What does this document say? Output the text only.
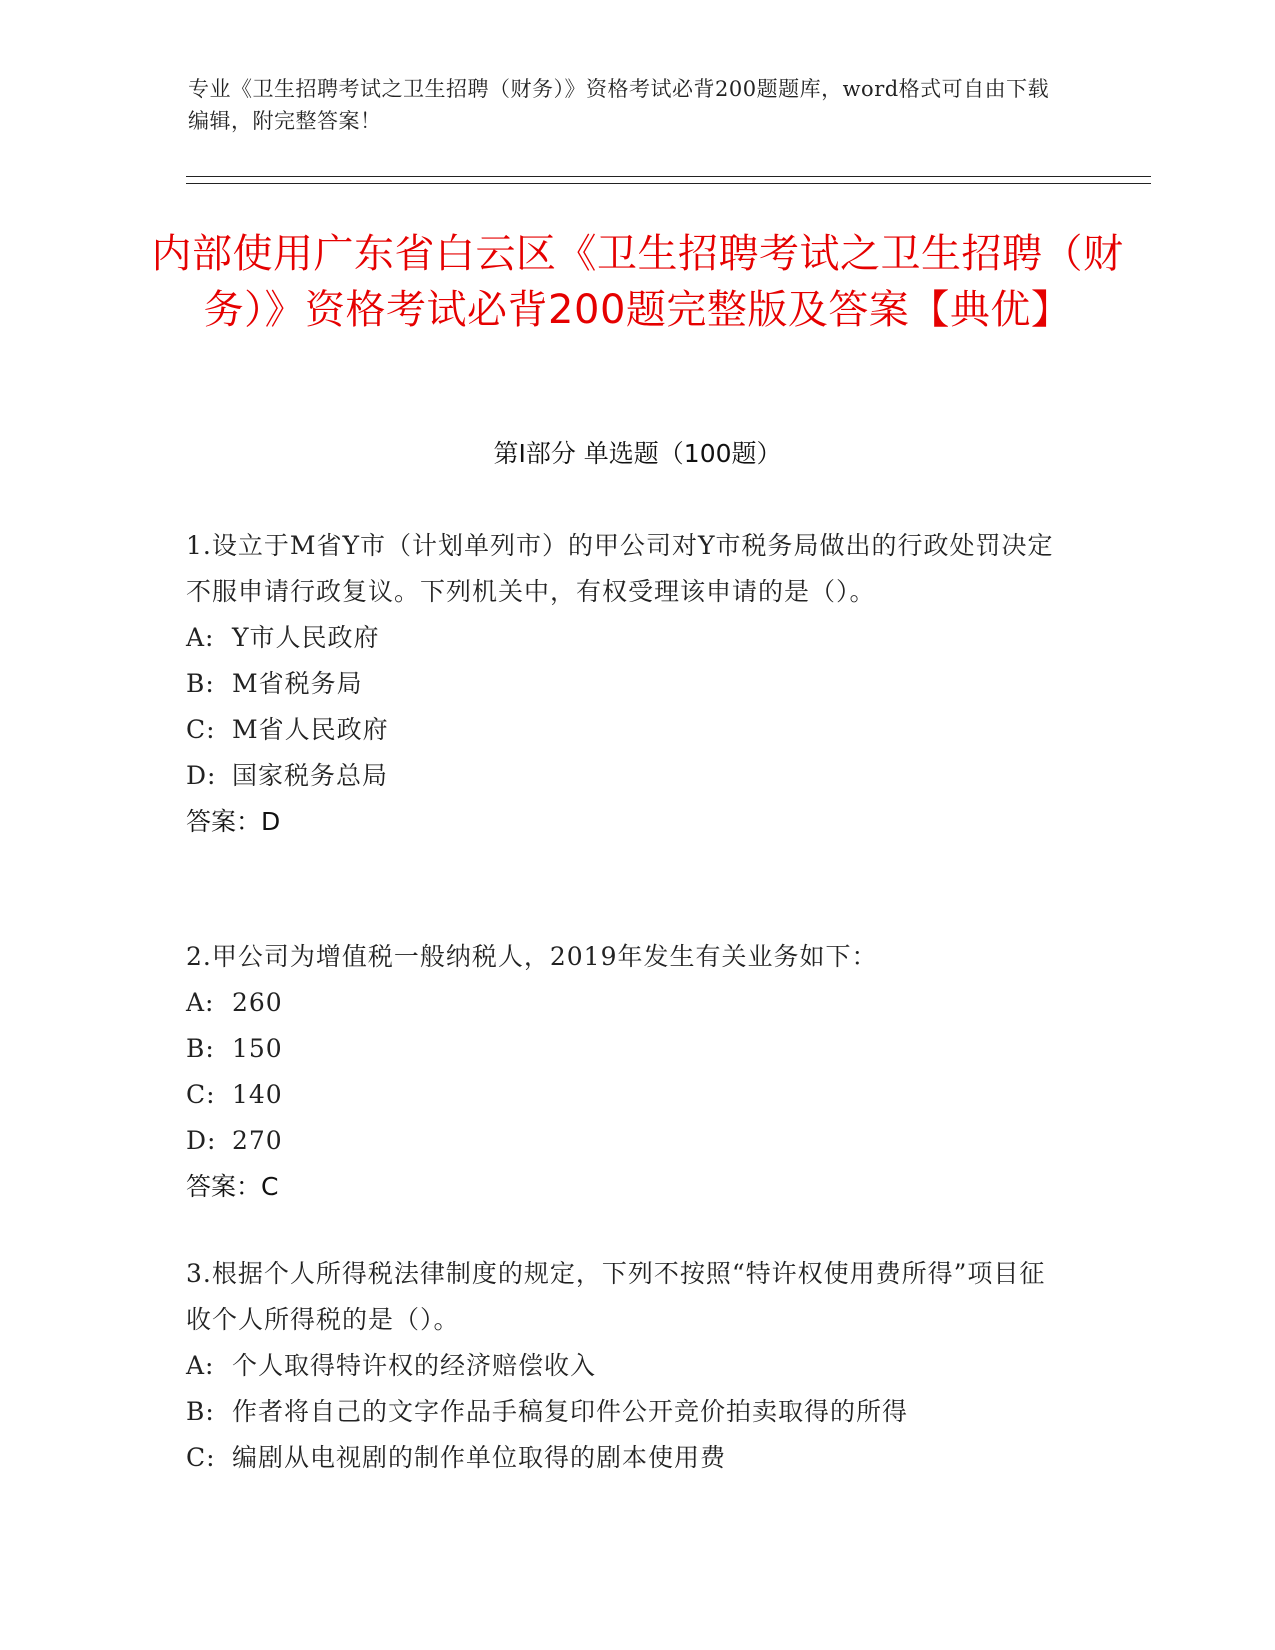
专业《卫生招聘考试之卫生招聘（财务）》资格考试必背200题题库，word格式可自由下载编辑，附完整答案！
内部使用广东省白云区《卫生招聘考试之卫生招聘（财务）》资格考试必背200题完整版及答案【典优】
第I部分 单选题（100题）

1.设立于M省Y市（计划单列市）的甲公司对Y市税务局做出的行政处罚决定不服申请行政复议。下列机关中，有权受理该申请的是（）。

A: Y市人民政府
B: M省税务局
C: M省人民政府
D: 国家税务总局
答案：D

2.甲公司为增值税一般纳税人，2019年发生有关业务如下：

A: 260
B: 150
C: 140
D: 270
答案：C

3.根据个人所得税法律制度的规定，下列不按照“特许权使用费所得”项目征收个人所得税的是（）。

A: 个人取得特许权的经济赔偿收入
B: 作者将自己的文字作品手稿复印件公开竞价拍卖取得的所得
C: 编剧从电视剧的制作单位取得的剧本使用费
